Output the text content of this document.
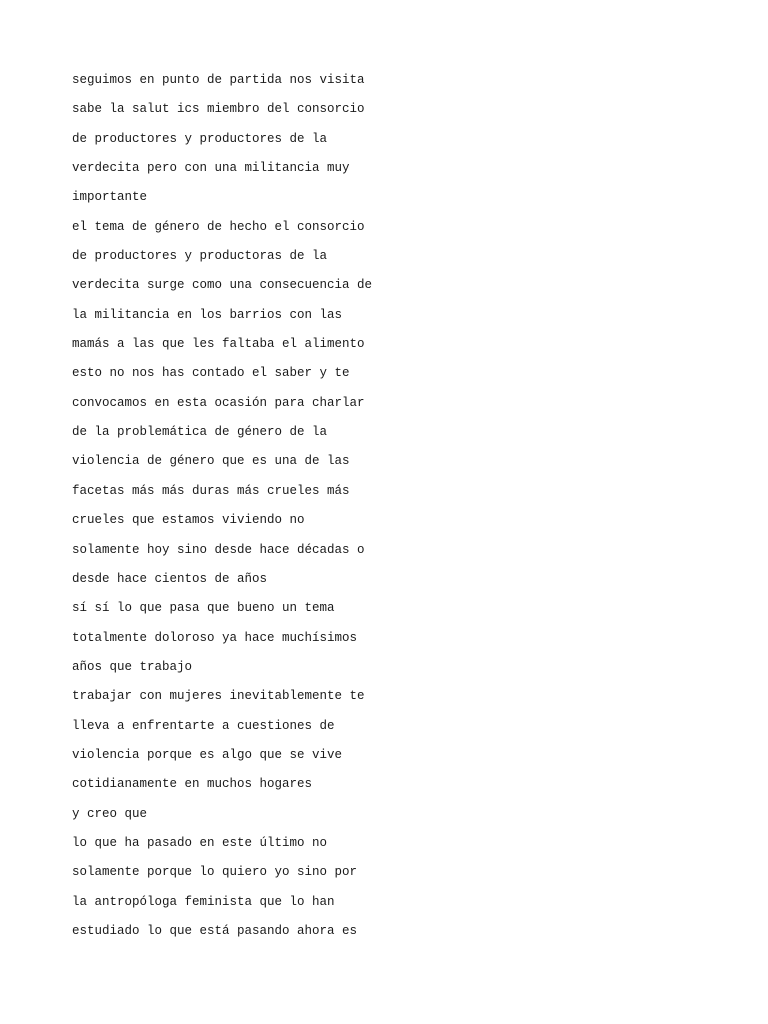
seguimos en punto de partida nos visita
sabe la salut ics miembro del consorcio
de productores y productores de la
verdecita pero con una militancia muy
importante
el tema de género de hecho el consorcio
de productores y productoras de la
verdecita surge como una consecuencia de
la militancia en los barrios con las
mamás a las que les faltaba el alimento
esto no nos has contado el saber y te
convocamos en esta ocasión para charlar
de la problemática de género de la
violencia de género que es una de las
facetas más más duras más crueles más
crueles que estamos viviendo no
solamente hoy sino desde hace décadas o
desde hace cientos de años
sí sí lo que pasa que bueno un tema
totalmente doloroso ya hace muchísimos
años que trabajo
trabajar con mujeres inevitablemente te
lleva a enfrentarte a cuestiones de
violencia porque es algo que se vive
cotidianamente en muchos hogares
y creo que
lo que ha pasado en este último no
solamente porque lo quiero yo sino por
la antropóloga feminista que lo han
estudiado lo que está pasando ahora es
